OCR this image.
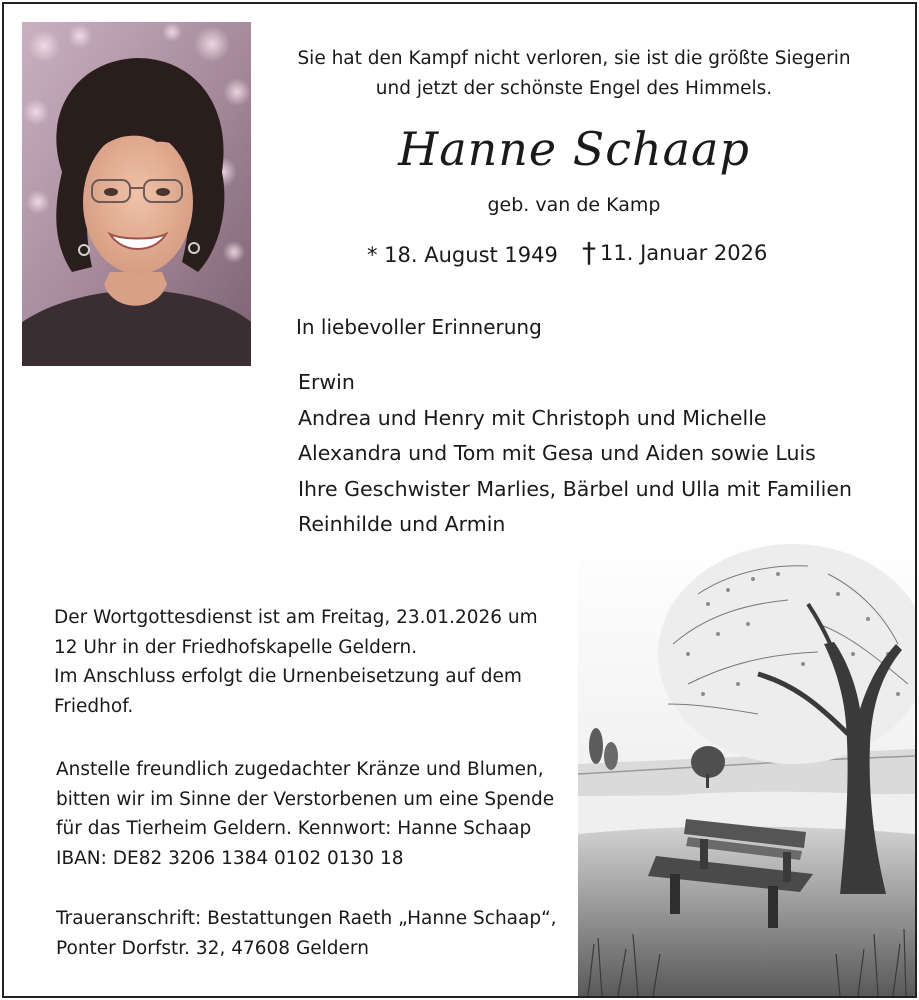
Sie hat den Kampf nicht verloren, sie ist die größte Siegerin
und jetzt der schönste Engel des Himmels.
Hanne Schaap
geb. van de Kamp
* 18. August 1949 † 11. Januar 2026
In liebevoller Erinnerung
Erwin
Andrea und Henry mit Christoph und Michelle
Alexandra und Tom mit Gesa und Aiden sowie Luis
Ihre Geschwister Marlies, Bärbel und Ulla mit Familien
Reinhilde und Armin
Der Wortgottesdienst ist am Freitag, 23.01.2026 um
12 Uhr in der Friedhofskapelle Geldern.
Im Anschluss erfolgt die Urnenbeisetzung auf dem
Friedhof.
Anstelle freundlich zugedachter Kränze und Blumen,
bitten wir im Sinne der Verstorbenen um eine Spende
für das Tierheim Geldern. Kennwort: Hanne Schaap
IBAN: DE82 3206 1384 0102 0130 18
Traueranschrift: Bestattungen Raeth „Hanne Schaap“,
Ponter Dorfstr. 32, 47608 Geldern
